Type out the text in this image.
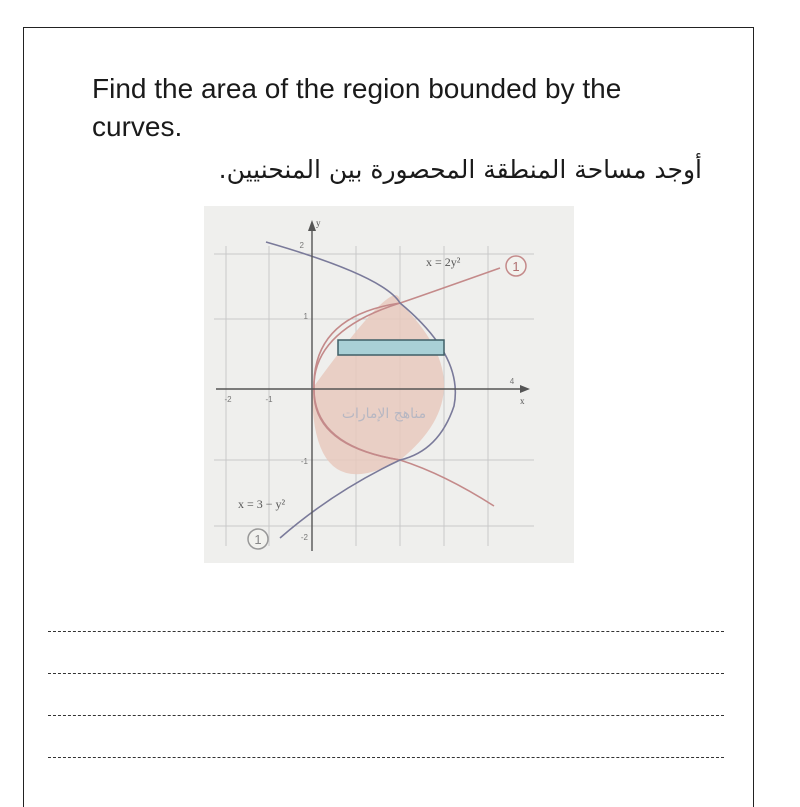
Find the area of the region bounded by the curves.

أوجد مساحة المنطقة المحصورة بين المنحنيين.

مناهج الإمارات
x = 2y²	1
x = 3 − y²
1
x
y
-2	-1
4
2
1
-1
-2
